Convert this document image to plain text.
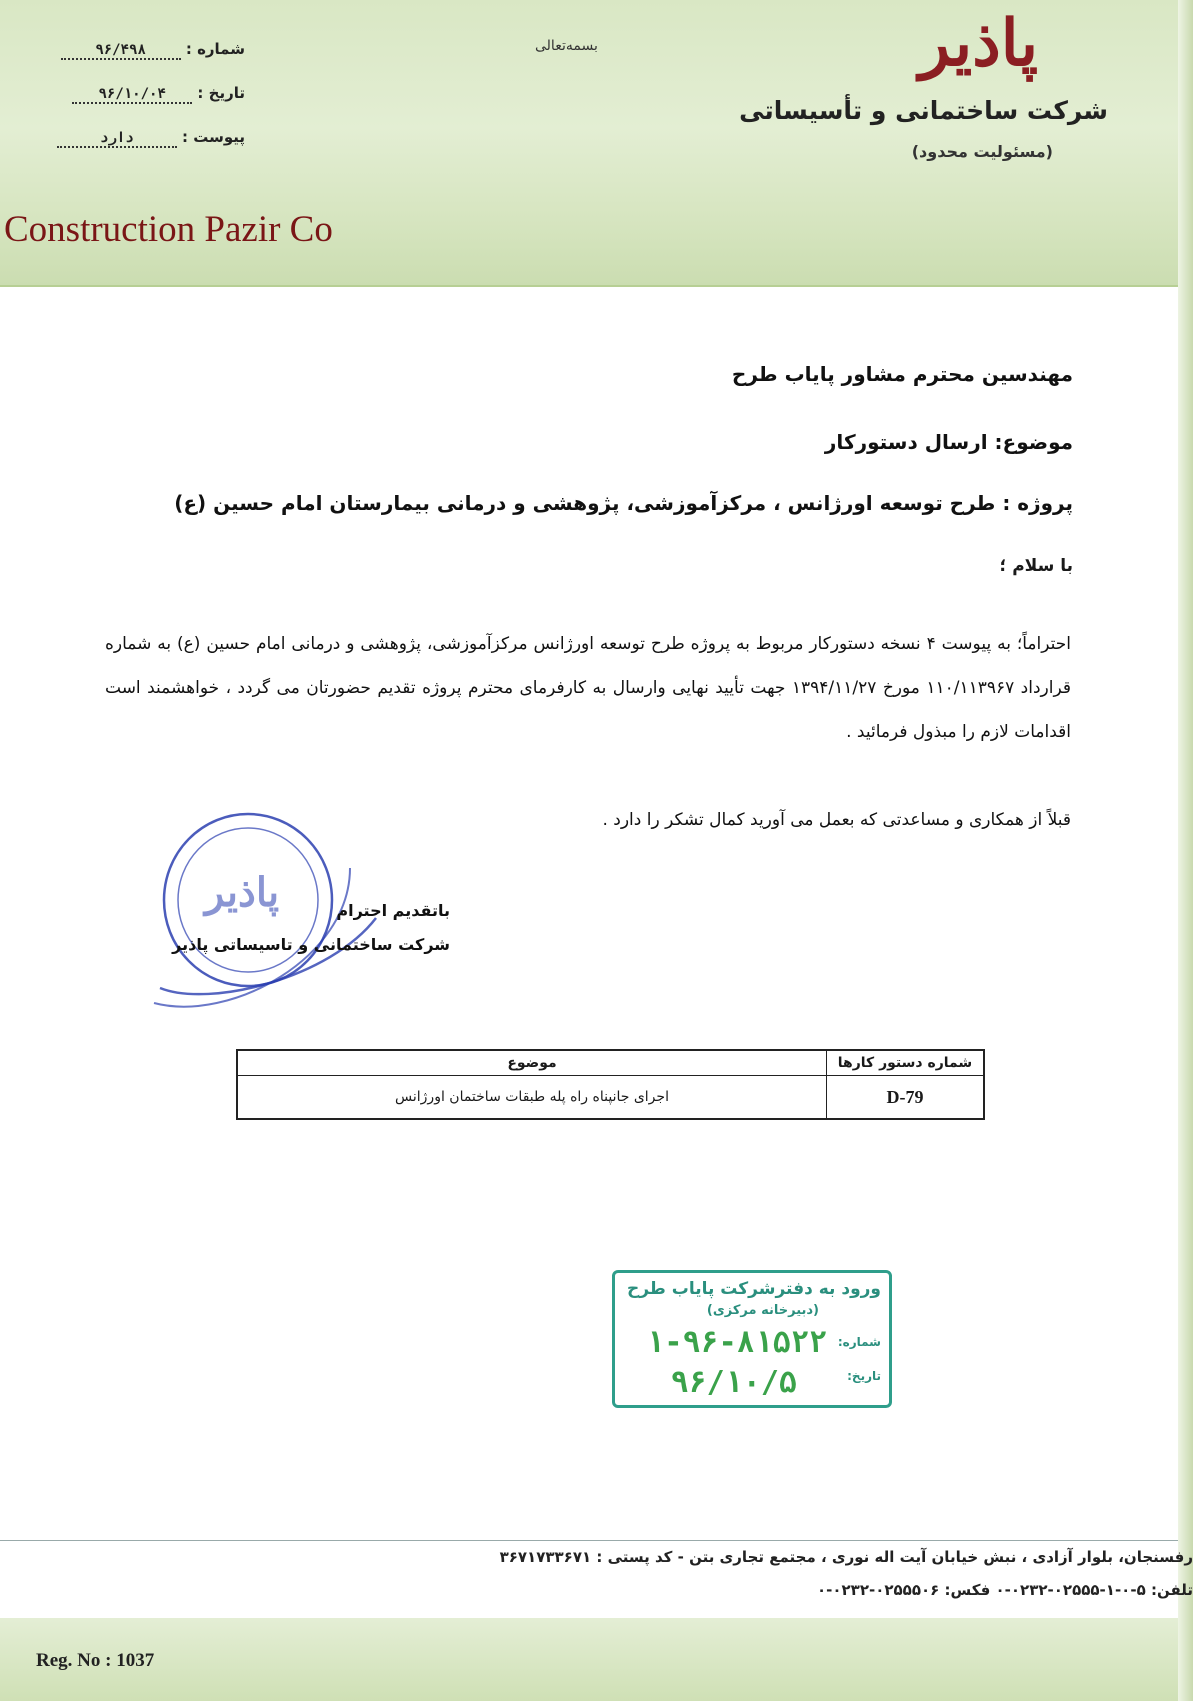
پاذیر
شرکت ساختمانی و تأسیساتی
(مسئولیت محدود)
بسمه‌تعالی
Construction Pazir Co
شماره : ۹۶/۴۹۸
تاریخ : ۹۶/۱۰/۰۴
پیوست : دارد
مهندسین محترم مشاور پایاب طرح
موضوع: ارسال دستورکار
پروژه : طرح توسعه اورژانس ، مرکزآموزشی، پژوهشی و درمانی بیمارستان امام حسین (ع)
با سلام ؛
احتراماً؛ به پیوست ۴ نسخه دستورکار مربوط به پروژه طرح توسعه اورژانس مرکزآموزشی، پژوهشی و درمانی امام حسین (ع) به شماره قرارداد ۱۱۰/۱۱۳۹۶۷ مورخ ۱۳۹۴/۱۱/۲۷ جهت تأیید نهایی وارسال به کارفرمای محترم پروژه تقدیم حضورتان می گردد ، خواهشمند است اقدامات لازم را مبذول فرمائید .
قبلاً از همکاری و مساعدتی که بعمل می آورید کمال تشکر را دارد .
پاذیر	باتقدیم احترام
شرکت ساختمانی و تاسیساتی پاذیر
شماره دستور کارها	موضوع
D-79	اجرای جانپناه راه پله طبقات ساختمان اورژانس
ورود به دفترشرکت پایاب طرح
(دبیرخانه مرکزی)
شماره:
۱-۹۶-۸۱۵۲۲
تاریخ:
۹۶/۱۰/۵
رفسنجان، بلوار آزادی ، نبش خیابان آیت اله نوری ، مجتمع تجاری بتن - کد پستی : ۳۶۷۱۷۳۳۶۷۱
تلفن: ۵-۰-۱-۰۲۵۵۵-۰۲۳۲-۰ فکس: ۰۲۵۵۵۰۶-۰۲۳۲-۰
Reg. No : 1037
